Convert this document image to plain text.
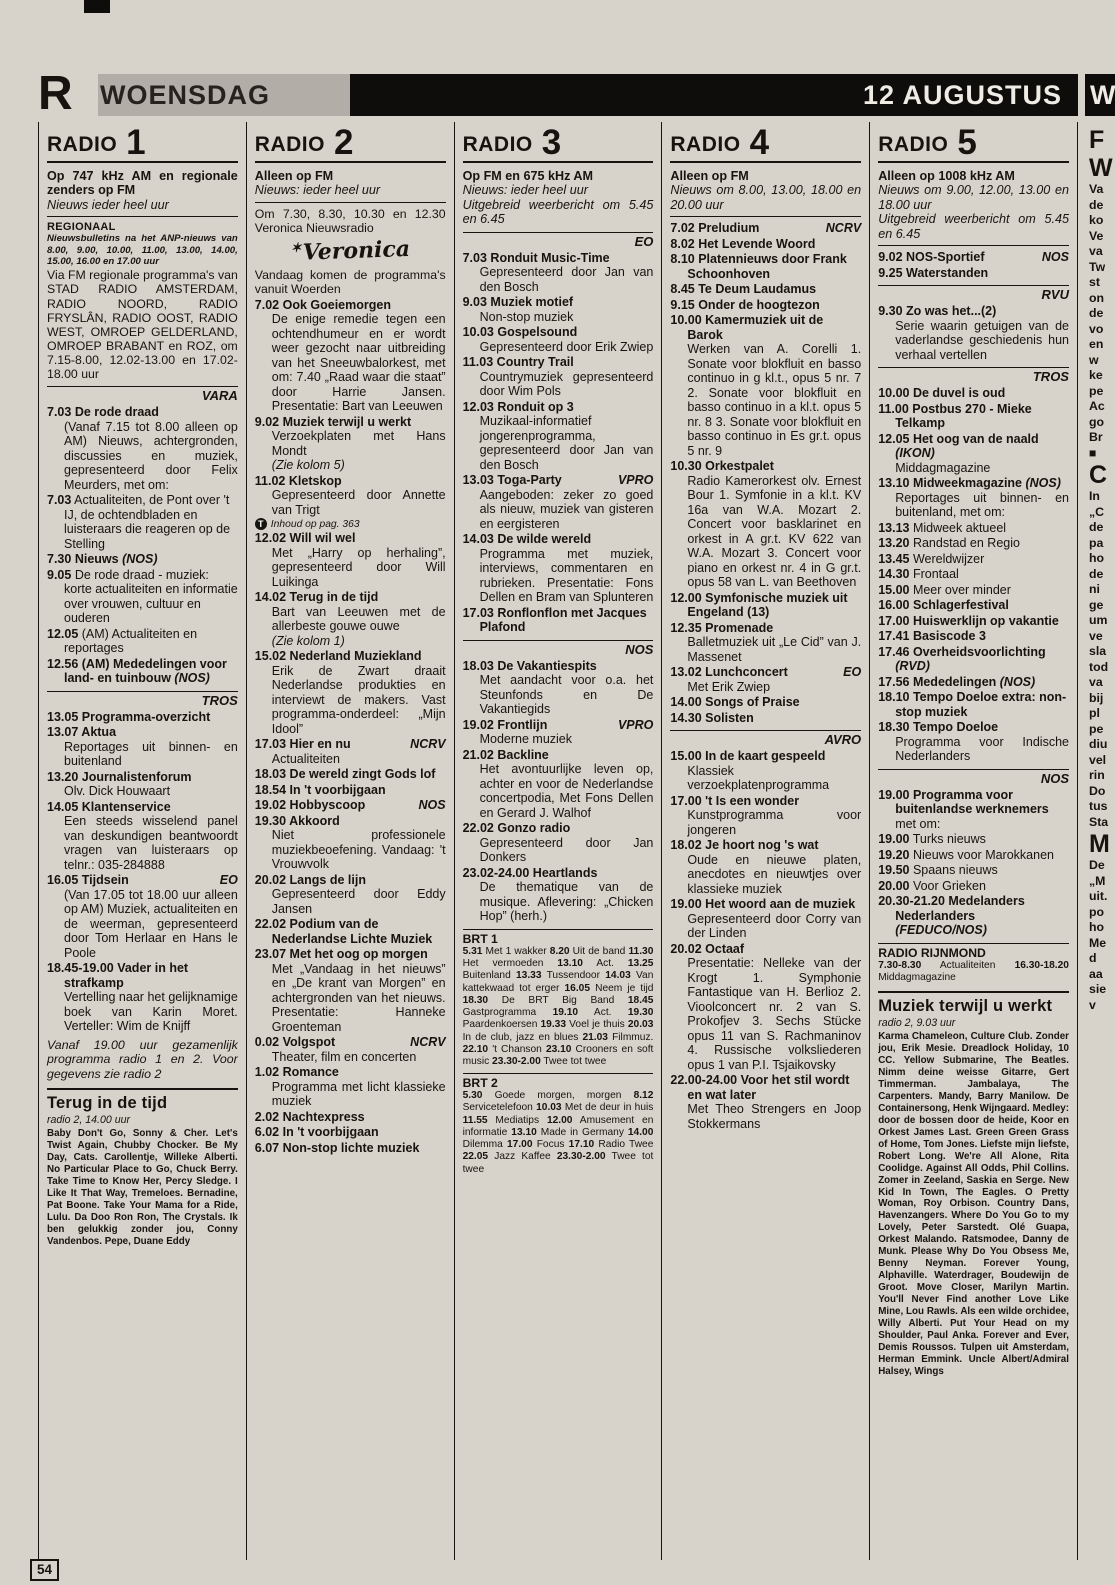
R	WOENSDAG	12 AUGUSTUS
RADIO 1

Op 747 kHz AM en regionale zenders op FM

Nieuws ieder heel uur

REGIONAAL

Nieuwsbulletins na het ANP-nieuws van 8.00, 9.00, 10.00, 11.00, 13.00, 14.00, 15.00, 16.00 en 17.00 uur

Via FM regionale programma's van STAD RADIO AMSTERDAM, RADIO NOORD, RADIO FRYSLÂN, RADIO OOST, RADIO WEST, OMROEP GELDERLAND, OMROEP BRABANT en ROZ, om 7.15-8.00, 12.02-13.00 en 17.02-18.00 uur

VARA

7.03 De rode draad
(Vanaf 7.15 tot 8.00 alleen op AM) Nieuws, achtergronden, discussies en muziek, gepresenteerd door Felix Meurders, met om:
7.03 Actualiteiten, de Pont over 't IJ, de ochtendbladen en luisteraars die reageren op de Stelling
7.30 Nieuws (NOS)
9.05 De rode draad - muziek: korte actualiteiten en informatie over vrouwen, cultuur en ouderen
12.05 (AM) Actualiteiten en reportages
12.56 (AM) Mededelingen voor land- en tuinbouw (NOS)

TROS

13.05 Programma-overzicht
13.07 Aktua
Reportages uit binnen- en buitenland
13.20 Journalistenforum
Olv. Dick Houwaart
14.05 Klantenservice
Een steeds wisselend panel van deskundigen beantwoordt vragen van luisteraars op telnr.: 035-284888
EO
16.05 Tijdsein
(Van 17.05 tot 18.00 uur alleen op AM) Muziek, actualiteiten en de weerman, gepresenteerd door Tom Herlaar en Hans le Poole
18.45-19.00 Vader in het strafkamp
Vertelling naar het gelijknamige boek van Karin Moret. Verteller: Wim de Knijff

Vanaf 19.00 uur gezamenlijk programma radio 1 en 2. Voor gegevens zie radio 2

Terug in de tijd

radio 2, 14.00 uur

Baby Don't Go, Sonny & Cher. Let's Twist Again, Chubby Chocker. Be My Day, Cats. Carollentje, Willeke Alberti. No Particular Place to Go, Chuck Berry. Take Time to Know Her, Percy Sledge. I Like It That Way, Tremeloes. Bernadine, Pat Boone. Take Your Mama for a Ride, Lulu. Da Doo Ron Ron, The Crystals. Ik ben gelukkig zonder jou, Conny Vandenbos. Pepe, Duane Eddy

RADIO 2

Alleen op FM

Nieuws: ieder heel uur

Om 7.30, 8.30, 10.30 en 12.30 Veronica Nieuwsradio

✶Veronica

Vandaag komen de programma's vanuit Woerden

7.02 Ook Goeiemorgen
De enige remedie tegen een ochtendhumeur en er wordt weer gezocht naar uitbreiding van het Sneeuwbalorkest, met om: 7.40 „Raad waar die staat” door Harrie Jansen. Presentatie: Bart van Leeuwen
9.02 Muziek terwijl u werkt
Verzoekplaten met Hans Mondt
(Zie kolom 5)
11.02 Kletskop
Gepresenteerd door Annette van Trigt

T Inhoud op pag. 363

12.02 Will wil wel
Met „Harry op herhaling”, gepresenteerd door Will Luikinga
14.02 Terug in de tijd
Bart van Leeuwen met de allerbeste gouwe ouwe
(Zie kolom 1)
15.02 Nederland Muziekland
Erik de Zwart draait Nederlandse produkties en interviewt de makers. Vast programma-onderdeel: „Mijn Idool”
NCRV
17.03 Hier en nu
Actualiteiten
18.03 De wereld zingt Gods lof
18.54 In 't voorbijgaan
NOS
19.02 Hobbyscoop
19.30 Akkoord
Niet professionele muziekbeoefening. Vandaag: 't Vrouwvolk
20.02 Langs de lijn
Gepresenteerd door Eddy Jansen
22.02 Podium van de Nederlandse Lichte Muziek
23.07 Met het oog op morgen
Met „Vandaag in het nieuws” en „De krant van Morgen” en achtergronden van het nieuws. Presentatie: Hanneke Groenteman
NCRV
0.02 Volgspot
Theater, film en concerten
1.02 Romance
Programma met licht klassieke muziek
2.02 Nachtexpress
6.02 In 't voorbijgaan
6.07 Non-stop lichte muziek
RADIO 3

Op FM en 675 kHz AM

Nieuws: ieder heel uur

Uitgebreid weerbericht om 5.45 en 6.45

EO

7.03 Ronduit Music-Time
Gepresenteerd door Jan van den Bosch
9.03 Muziek motief
Non-stop muziek
10.03 Gospelsound
Gepresenteerd door Erik Zwiep
11.03 Country Trail
Countrymuziek gepresenteerd door Wim Pols
12.03 Ronduit op 3
Muzikaal-informatief jongerenprogramma, gepresenteerd door Jan van den Bosch
VPRO
13.03 Toga-Party
Aangeboden: zeker zo goed als nieuw, muziek van gisteren en eergisteren
14.03 De wilde wereld
Programma met muziek, interviews, commentaren en rubrieken. Presentatie: Fons Dellen en Bram van Splunteren
17.03 Ronflonflon met Jacques Plafond

NOS

18.03 De Vakantiespits
Met aandacht voor o.a. het Steunfonds en De Vakantiegids
VPRO
19.02 Frontlijn
Moderne muziek
21.02 Backline
Het avontuurlijke leven op, achter en voor de Nederlandse concertpodia, Met Fons Dellen en Gerard J. Walhof
22.02 Gonzo radio
Gepresenteerd door Jan Donkers
23.02-24.00 Heartlands
De thematique van de musique. Aflevering: „Chicken Hop” (herh.)

BRT 1

5.31 Met 1 wakker 8.20 Uit de band 11.30 Het vermoeden 13.10 Act. 13.25 Buitenland 13.33 Tussendoor 14.03 Van kattekwaad tot erger 16.05 Neem je tijd 18.30 De BRT Big Band 18.45 Gastprogramma 19.10 Act. 19.30 Paardenkoersen 19.33 Voel je thuis 20.03 In de club, jazz en blues 21.03 Filmmuz. 22.10 't Chanson 23.10 Crooners en soft music 23.30-2.00 Twee tot twee

BRT 2

5.30 Goede morgen, morgen 8.12 Servicetelefoon 10.03 Met de deur in huis 11.55 Mediatips 12.00 Amusement en informatie 13.10 Made in Germany 14.00 Dilemma 17.00 Focus 17.10 Radio Twee 22.05 Jazz Kaffee 23.30-2.00 Twee tot twee

RADIO 4

Alleen op FM

Nieuws om 8.00, 13.00, 18.00 en 20.00 uur

NCRV
7.02 Preludium
8.02 Het Levende Woord
8.10 Platennieuws door Frank Schoonhoven
8.45 Te Deum Laudamus
9.15 Onder de hoogtezon
10.00 Kamermuziek uit de Barok
Werken van A. Corelli 1. Sonate voor blokfluit en basso continuo in g kl.t., opus 5 nr. 7 2. Sonate voor blokfluit en basso continuo in a kl.t. opus 5 nr. 8 3. Sonate voor blokfluit en basso continuo in Es gr.t. opus 5 nr. 9
10.30 Orkestpalet
Radio Kamerorkest olv. Ernest Bour 1. Symfonie in a kl.t. KV 16a van W.A. Mozart 2. Concert voor basklarinet en orkest in A gr.t. KV 622 van W.A. Mozart 3. Concert voor piano en orkest nr. 4 in G gr.t. opus 58 van L. van Beethoven
12.00 Symfonische muziek uit Engeland (13)
12.35 Promenade
Balletmuziek uit „Le Cid” van J. Massenet
EO
13.02 Lunchconcert
Met Erik Zwiep
14.00 Songs of Praise
14.30 Solisten

AVRO

15.00 In de kaart gespeeld
Klassiek verzoekplatenprogramma
17.00 't Is een wonder
Kunstprogramma voor jongeren
18.02 Je hoort nog 's wat
Oude en nieuwe platen, anecdotes en nieuwtjes over klassieke muziek
19.00 Het woord aan de muziek
Gepresenteerd door Corry van der Linden
20.02 Octaaf
Presentatie: Nelleke van der Krogt 1. Symphonie Fantastique van H. Berlioz 2. Vioolconcert nr. 2 van S. Prokofjev 3. Sechs Stücke opus 11 van S. Rachmaninov 4. Russische volksliederen opus 1 van P.I. Tsjaikovsky
22.00-24.00 Voor het stil wordt en wat later
Met Theo Strengers en Joop Stokkermans
RADIO 5

Alleen op 1008 kHz AM

Nieuws om 9.00, 12.00, 13.00 en 18.00 uur

Uitgebreid weerbericht om 5.45 en 6.45

NOS
9.02 NOS-Sportief
9.25 Waterstanden

RVU

9.30 Zo was het...(2)
Serie waarin getuigen van de vaderlandse geschiedenis hun verhaal vertellen

TROS

10.00 De duvel is oud
11.00 Postbus 270 - Mieke Telkamp
12.05 Het oog van de naald (IKON)
Middagmagazine
13.10 Midweekmagazine (NOS)
Reportages uit binnen- en buitenland, met om:
13.13 Midweek aktueel
13.20 Randstad en Regio
13.45 Wereldwijzer
14.30 Frontaal
15.00 Meer over minder
16.00 Schlagerfestival
17.00 Huiswerklijn op vakantie
17.41 Basiscode 3
17.46 Overheidsvoorlichting (RVD)
17.56 Mededelingen (NOS)
18.10 Tempo Doeloe extra: non-stop muziek
18.30 Tempo Doeloe
Programma voor Indische Nederlanders

NOS

19.00 Programma voor buitenlandse werknemers met om:
19.00 Turks nieuws
19.20 Nieuws voor Marokkanen
19.50 Spaans nieuws
20.00 Voor Grieken
20.30-21.20 Medelanders Nederlanders (FEDUCO/NOS)

RADIO RIJNMOND

7.30-8.30 Actualiteiten 16.30-18.20 Middagmagazine

Muziek terwijl u werkt

radio 2, 9.03 uur

Karma Chameleon, Culture Club. Zonder jou, Erik Mesie. Dreadlock Holiday, 10 CC. Yellow Submarine, The Beatles. Nimm deine weisse Gitarre, Gert Timmerman. Jambalaya, The Carpenters. Mandy, Barry Manilow. De Containersong, Henk Wijngaard. Medley: door de bossen door de heide, Koor en Orkest James Last. Green Green Grass of Home, Tom Jones. Liefste mijn liefste, Robert Long. We're All Alone, Rita Coolidge. Against All Odds, Phil Collins. Zomer in Zeeland, Saskia en Serge. New Kid In Town, The Eagles. O Pretty Woman, Roy Orbison. Country Dans, Havenzangers. Where Do You Go to my Lovely, Peter Sarstedt. Olé Guapa, Orkest Malando. Ratsmodee, Danny de Munk. Please Why Do You Obsess Me, Benny Neyman. Forever Young, Alphaville. Waterdrager, Boudewijn de Groot. Move Closer, Marilyn Martin. You'll Never Find another Love Like Mine, Lou Rawls. Als een wilde orchidee, Willy Alberti. Put Your Head on my Shoulder, Paul Anka. Forever and Ever, Demis Roussos. Tulpen uit Amsterdam, Herman Emmink. Uncle Albert/Admiral Halsey, Wings

W
F
W
Va
de
ko
Ve
va
Tw
st
on
de
vo
en
w
ke
pe
Ac
go
Br
■
C
In
„C
de
pa
ho
de
ni
ge
um
ve
sla
tod
va
bij
pl
pe
diu
vel
rin
Do
tus
Sta
M
De
„M
uit.
po
ho
Me
d
aa
sie
v
54
